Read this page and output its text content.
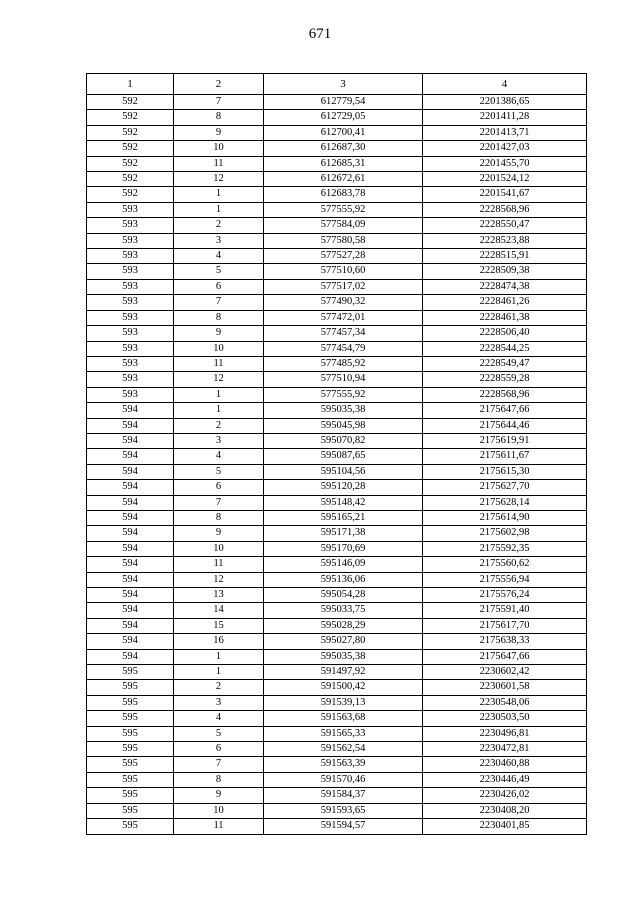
671
1	2	3	4
592	7	612779,54	2201386,65
592	8	612729,05	2201411,28
592	9	612700,41	2201413,71
592	10	612687,30	2201427,03
592	11	612685,31	2201455,70
592	12	612672,61	2201524,12
592	1	612683,78	2201541,67
593	1	577555,92	2228568,96
593	2	577584,09	2228550,47
593	3	577580,58	2228523,88
593	4	577527,28	2228515,91
593	5	577510,60	2228509,38
593	6	577517,02	2228474,38
593	7	577490,32	2228461,26
593	8	577472,01	2228461,38
593	9	577457,34	2228506,40
593	10	577454,79	2228544,25
593	11	577485,92	2228549,47
593	12	577510,94	2228559,28
593	1	577555,92	2228568,96
594	1	595035,38	2175647,66
594	2	595045,98	2175644,46
594	3	595070,82	2175619,91
594	4	595087,65	2175611,67
594	5	595104,56	2175615,30
594	6	595120,28	2175627,70
594	7	595148,42	2175628,14
594	8	595165,21	2175614,90
594	9	595171,38	2175602,98
594	10	595170,69	2175592,35
594	11	595146,09	2175560,62
594	12	595136,06	2175556,94
594	13	595054,28	2175576,24
594	14	595033,75	2175591,40
594	15	595028,29	2175617,70
594	16	595027,80	2175638,33
594	1	595035,38	2175647,66
595	1	591497,92	2230602,42
595	2	591500,42	2230601,58
595	3	591539,13	2230548,06
595	4	591563,68	2230503,50
595	5	591565,33	2230496,81
595	6	591562,54	2230472,81
595	7	591563,39	2230460,88
595	8	591570,46	2230446,49
595	9	591584,37	2230426,02
595	10	591593,65	2230408,20
595	11	591594,57	2230401,85
